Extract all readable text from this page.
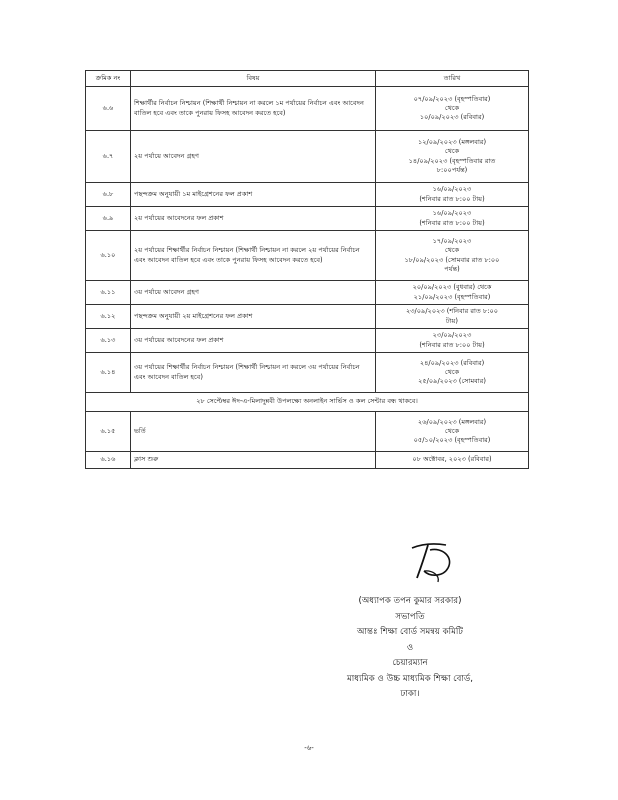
ক্রমিক নং	বিষয়	তারিখ
৬.৬	শিক্ষার্থীর নির্বাচন নিশ্চায়ন (শিক্ষার্থী নিশ্চায়ন না করলে ১ম পর্যায়ের নির্বাচন এবং আবেদন বাতিল হবে এবং তাকে পুনরায় ফিসহ আবেদন করতে হবে)	০৭/০৯/২০২৩ (বৃহস্পতিবার)
থেকে
১০/০৯/২০২৩ (রবিবার)

৬.৭	২য় পর্যায়ে আবেদন গ্রহণ	১২/০৯/২০২৩ (মঙ্গলবার)
থেকে
১৪/০৯/২০২৩ (বৃহস্পতিবার রাত
৮:০০পর্যন্ত)

৬.৮	পছন্দক্রম অনুযায়ী ১ম মাইগ্রেশনের ফল প্রকাশ	১৬/০৯/২০২৩
(শনিবার রাত ৮:০০ টায়)

৬.৯	২য় পর্যায়ের আবেদনের ফল প্রকাশ	১৬/০৯/২০২৩
(শনিবার রাত ৮:০০ টায়)

৬.১০	২য় পর্যায়ের শিক্ষার্থীর নির্বাচন নিশ্চায়ন (শিক্ষার্থী নিশ্চায়ন না করলে ২য় পর্যায়ের নির্বাচন এবং আবেদন বাতিল হবে এবং তাকে পুনরায় ফিসহ আবেদন করতে হবে)	১৭/০৯/২০২৩
থেকে
১৮/০৯/২০২৩ (সোমবার রাত ৮:০০
পর্যন্ত)

৬.১১	৩য় পর্যায়ে আবেদন গ্রহণ	২০/০৯/২০২৩ (বুধবার) থেকে
২১/০৯/২০২৩ (বৃহস্পতিবার)

৬.১২	পছন্দক্রম অনুযায়ী ২য় মাইগ্রেশনের ফল প্রকাশ	২৩/০৯/২০২৩ (শনিবার রাত ৮:০০
টায়)

৬.১৩	৩য় পর্যায়ের আবেদনের ফল প্রকাশ	২৩/০৯/২০২৩
(শনিবার রাত ৮:০০ টায়)

৬.১৪	৩য় পর্যায়ের শিক্ষার্থীর নির্বাচন নিশ্চায়ন (শিক্ষার্থী নিশ্চায়ন না করলে ৩য় পর্যায়ের নির্বাচন এবং আবেদন বাতিল হবে)	২৪/০৯/২০২৩ (রবিবার)
থেকে
২৫/০৯/২০২৩ (সোমবার)

২৮ সেপ্টেম্বর ঈদ-এ-মিলাদুন্নবী উপলক্ষ্যে অনলাইন সার্ভিস ও কল সেন্টার বন্ধ থাকবে।		
৬.১৫	ভর্তি	২৬/০৯/২০২৩ (মঙ্গলবার)
থেকে
০৫/১০/২০২৩ (বৃহস্পতিবার)

৬.১৬	ক্লাস শুরু	০৮ অক্টোবর, ২০২৩ (রবিবার)
(অধ্যাপক তপন কুমার সরকার)
সভাপতি
আন্তঃ শিক্ষা বোর্ড সমন্বয় কমিটি
ও
চেয়ারম্যান
মাধ্যমিক ও উচ্চ মাধ্যমিক শিক্ষা বোর্ড,
ঢাকা।
-৬-
